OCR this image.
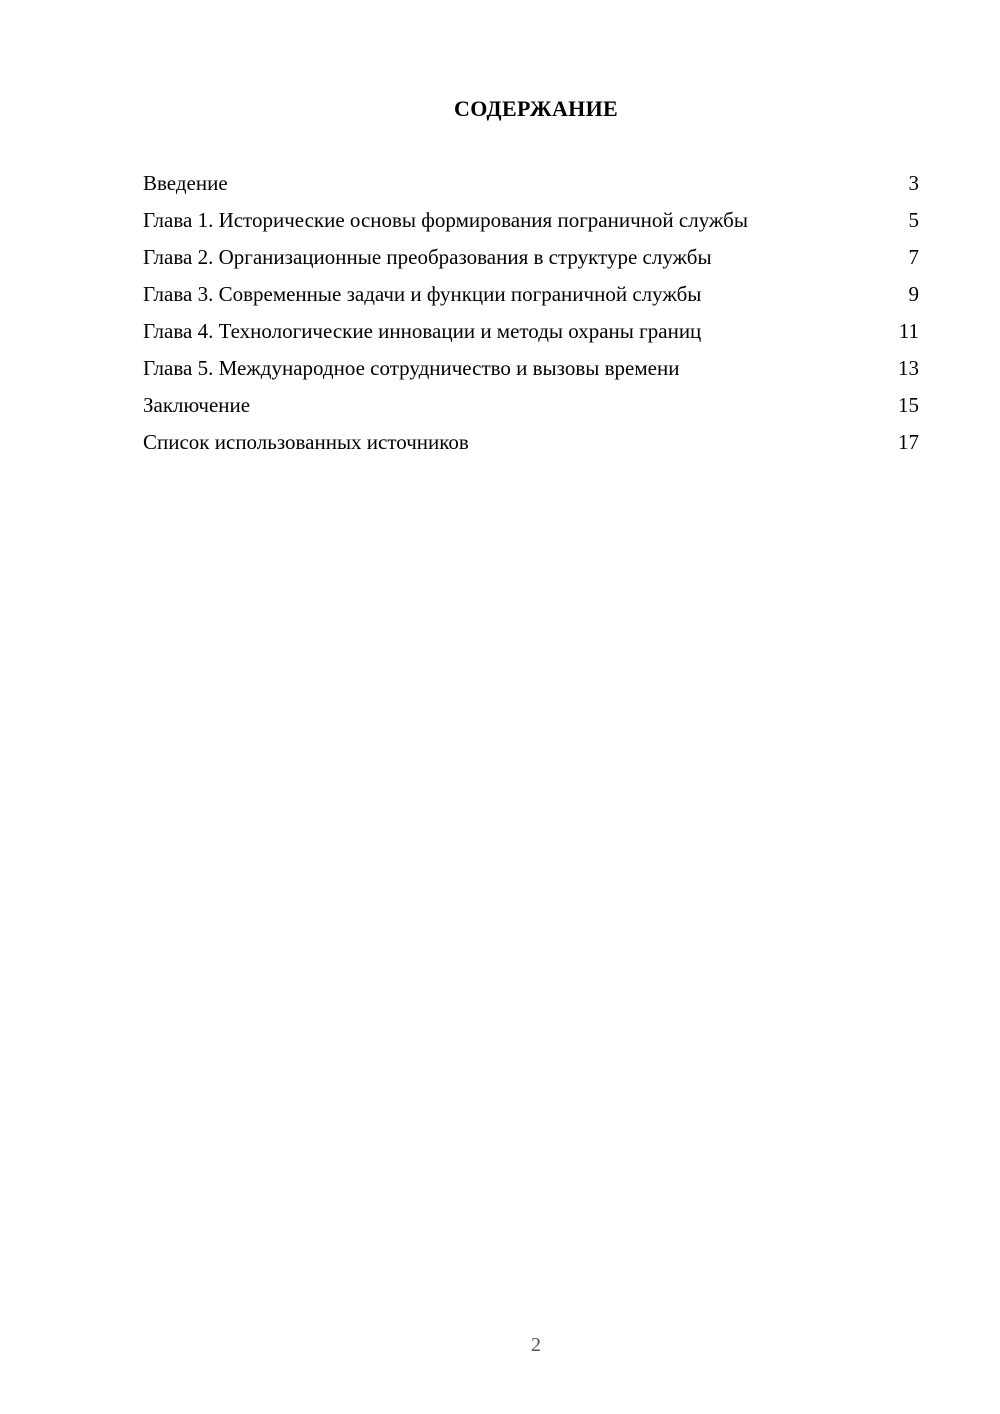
СОДЕРЖАНИЕ
Введение	3
Глава 1. Исторические основы формирования пограничной службы	5
Глава 2. Организационные преобразования в структуре службы	7
Глава 3. Современные задачи и функции пограничной службы	9
Глава 4. Технологические инновации и методы охраны границ	11
Глава 5. Международное сотрудничество и вызовы времени	13
Заключение	15
Список использованных источников	17
2
